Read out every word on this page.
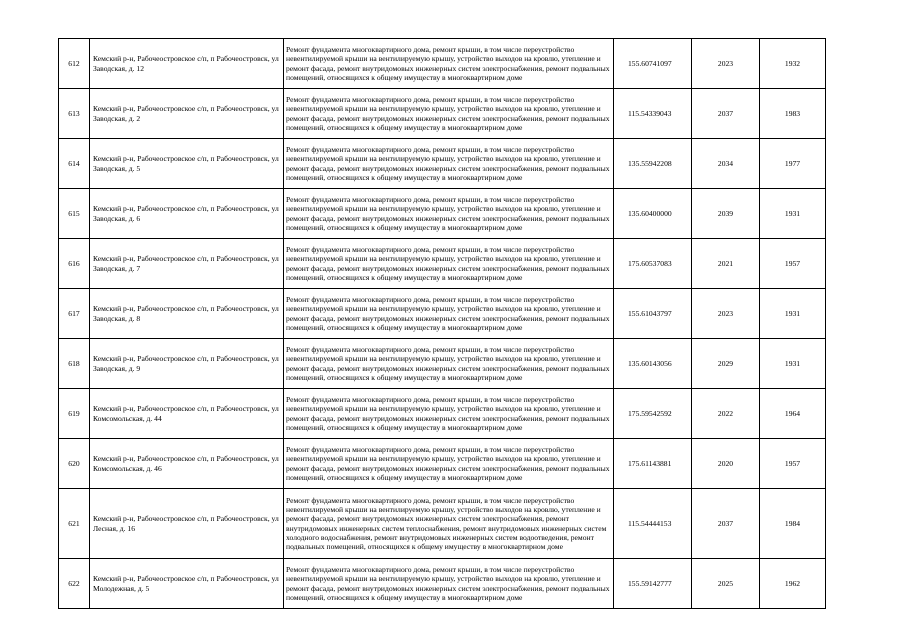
612	Кемский р-н, Рабочеостровское с/п, п Рабочеостровск, ул Заводская, д. 12	Ремонт фундамента многоквартирного дома, ремонт крыши, в том числе переустройство невентилируемой крыши на вентилируемую крышу, устройство выходов на кровлю, утепление и ремонт фасада, ремонт внутридомовых инженерных систем электроснабжения, ремонт подвальных помещений, относящихся к общему имуществу в многоквартирном доме	155.60741097	2023	1932
613	Кемский р-н, Рабочеостровское с/п, п Рабочеостровск, ул Заводская, д. 2	Ремонт фундамента многоквартирного дома, ремонт крыши, в том числе переустройство невентилируемой крыши на вентилируемую крышу, устройство выходов на кровлю, утепление и ремонт фасада, ремонт внутридомовых инженерных систем электроснабжения, ремонт подвальных помещений, относящихся к общему имуществу в многоквартирном доме	115.54339043	2037	1983
614	Кемский р-н, Рабочеостровское с/п, п Рабочеостровск, ул Заводская, д. 5	Ремонт фундамента многоквартирного дома, ремонт крыши, в том числе переустройство невентилируемой крыши на вентилируемую крышу, устройство выходов на кровлю, утепление и ремонт фасада, ремонт внутридомовых инженерных систем электроснабжения, ремонт подвальных помещений, относящихся к общему имуществу в многоквартирном доме	135.55942208	2034	1977
615	Кемский р-н, Рабочеостровское с/п, п Рабочеостровск, ул Заводская, д. 6	Ремонт фундамента многоквартирного дома, ремонт крыши, в том числе переустройство невентилируемой крыши на вентилируемую крышу, устройство выходов на кровлю, утепление и ремонт фасада, ремонт внутридомовых инженерных систем электроснабжения, ремонт подвальных помещений, относящихся к общему имуществу в многоквартирном доме	135.60400000	2039	1931
616	Кемский р-н, Рабочеостровское с/п, п Рабочеостровск, ул Заводская, д. 7	Ремонт фундамента многоквартирного дома, ремонт крыши, в том числе переустройство невентилируемой крыши на вентилируемую крышу, устройство выходов на кровлю, утепление и ремонт фасада, ремонт внутридомовых инженерных систем электроснабжения, ремонт подвальных помещений, относящихся к общему имуществу в многоквартирном доме	175.60537083	2021	1957
617	Кемский р-н, Рабочеостровское с/п, п Рабочеостровск, ул Заводская, д. 8	Ремонт фундамента многоквартирного дома, ремонт крыши, в том числе переустройство невентилируемой крыши на вентилируемую крышу, устройство выходов на кровлю, утепление и ремонт фасада, ремонт внутридомовых инженерных систем электроснабжения, ремонт подвальных помещений, относящихся к общему имуществу в многоквартирном доме	155.61043797	2023	1931
618	Кемский р-н, Рабочеостровское с/п, п Рабочеостровск, ул Заводская, д. 9	Ремонт фундамента многоквартирного дома, ремонт крыши, в том числе переустройство невентилируемой крыши на вентилируемую крышу, устройство выходов на кровлю, утепление и ремонт фасада, ремонт внутридомовых инженерных систем электроснабжения, ремонт подвальных помещений, относящихся к общему имуществу в многоквартирном доме	135.60143056	2029	1931
619	Кемский р-н, Рабочеостровское с/п, п Рабочеостровск, ул Комсомольская, д. 44	Ремонт фундамента многоквартирного дома, ремонт крыши, в том числе переустройство невентилируемой крыши на вентилируемую крышу, устройство выходов на кровлю, утепление и ремонт фасада, ремонт внутридомовых инженерных систем электроснабжения, ремонт подвальных помещений, относящихся к общему имуществу в многоквартирном доме	175.59542592	2022	1964
620	Кемский р-н, Рабочеостровское с/п, п Рабочеостровск, ул Комсомольская, д. 46	Ремонт фундамента многоквартирного дома, ремонт крыши, в том числе переустройство невентилируемой крыши на вентилируемую крышу, устройство выходов на кровлю, утепление и ремонт фасада, ремонт внутридомовых инженерных систем электроснабжения, ремонт подвальных помещений, относящихся к общему имуществу в многоквартирном доме	175.61143881	2020	1957
621	Кемский р-н, Рабочеостровское с/п, п Рабочеостровск, ул Лесная, д. 16	Ремонт фундамента многоквартирного дома, ремонт крыши, в том числе переустройство невентилируемой крыши на вентилируемую крышу, устройство выходов на кровлю, утепление и ремонт фасада, ремонт внутридомовых инженерных систем электроснабжения, ремонт внутридомовых инженерных систем теплоснабжения, ремонт внутридомовых инженерных систем холодного водоснабжения, ремонт внутридомовых инженерных систем водоотведения, ремонт подвальных помещений, относящихся к общему имуществу в многоквартирном доме	115.54444153	2037	1984
622	Кемский р-н, Рабочеостровское с/п, п Рабочеостровск, ул Молодежная, д. 5	Ремонт фундамента многоквартирного дома, ремонт крыши, в том числе переустройство невентилируемой крыши на вентилируемую крышу, устройство выходов на кровлю, утепление и ремонт фасада, ремонт внутридомовых инженерных систем электроснабжения, ремонт подвальных помещений, относящихся к общему имуществу в многоквартирном доме	155.59142777	2025	1962
